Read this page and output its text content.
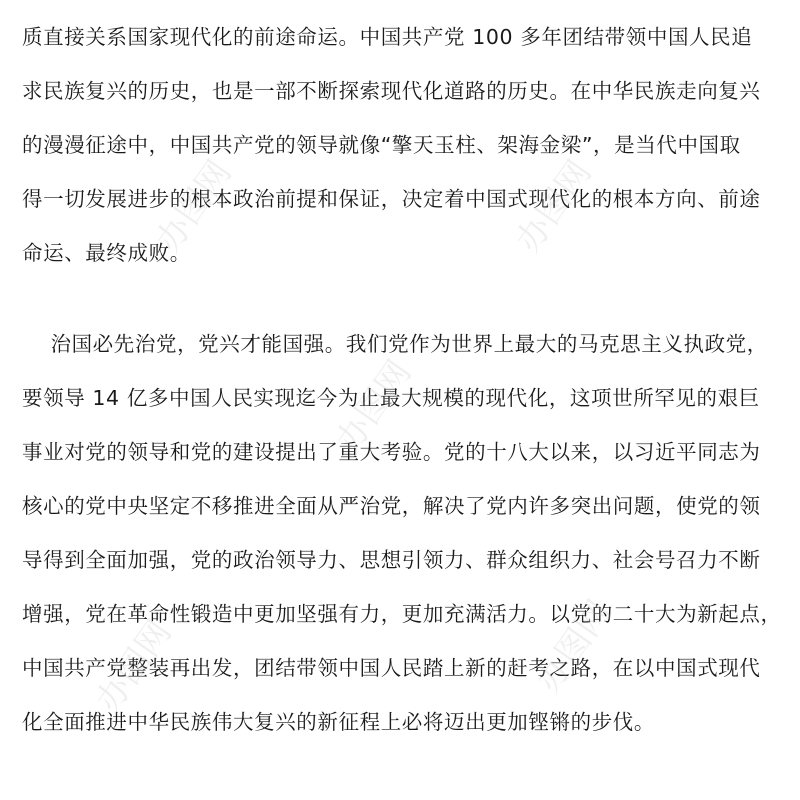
质直接关系国家现代化的前途命运。中国共产党 100 多年团结带领中国人民追
求民族复兴的历史，也是一部不断探索现代化道路的历史。在中华民族走向复兴
的漫漫征途中，中国共产党的领导就像“擎天玉柱、架海金梁”，是当代中国取
得一切发展进步的根本政治前提和保证，决定着中国式现代化的根本方向、前途
命运、最终成败。
治国必先治党，党兴才能国强。我们党作为世界上最大的马克思主义执政党，
要领导 14 亿多中国人民实现迄今为止最大规模的现代化，这项世所罕见的艰巨
事业对党的领导和党的建设提出了重大考验。党的十八大以来，以习近平同志为
核心的党中央坚定不移推进全面从严治党，解决了党内许多突出问题，使党的领
导得到全面加强，党的政治领导力、思想引领力、群众组织力、社会号召力不断
增强，党在革命性锻造中更加坚强有力，更加充满活力。以党的二十大为新起点，
中国共产党整装再出发，团结带领中国人民踏上新的赶考之路，在以中国式现代
化全面推进中华民族伟大复兴的新征程上必将迈出更加铿锵的步伐。
办图网	办图网
办图网
办图网	办图网
